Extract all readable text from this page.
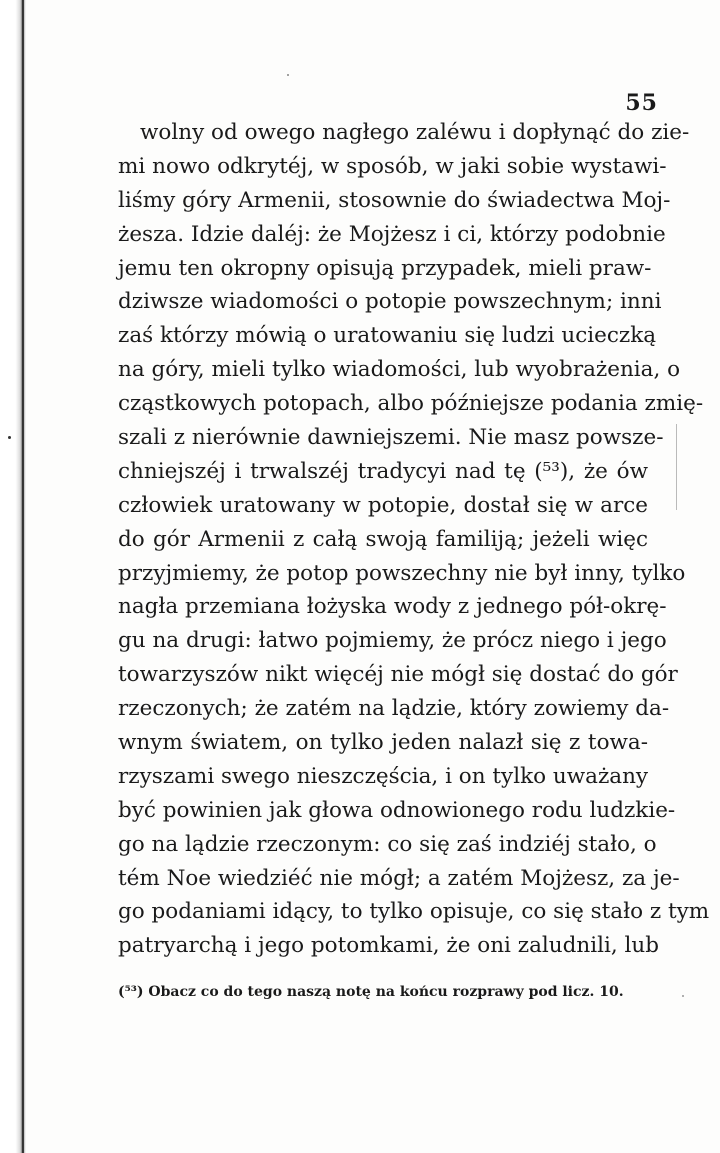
55
wolny od owego nagłego zaléwu i dopłynąć do zie-
mi nowo odkrytéj, w sposób, w jaki sobie wystawi-
liśmy góry Armenii, stosownie do świadectwa Moj-
żesza. Idzie daléj: że Mojżesz i ci, którzy podobnie
jemu ten okropny opisują przypadek, mieli praw-
dziwsze wiadomości o potopie powszechnym; inni
zaś którzy mówią o uratowaniu się ludzi ucieczką
na góry, mieli tylko wiadomości, lub wyobrażenia, o
cząstkowych potopach, albo późniejsze podania zmię-
szali z nierównie dawniejszemi. Nie masz powsze-
chniejszéj i trwalszéj tradycyi nad tę (⁵³), że ów
człowiek uratowany w potopie, dostał się w arce
do gór Armenii z całą swoją familiją; jeżeli więc
przyjmiemy, że potop powszechny nie był inny, tylko
nagła przemiana łożyska wody z jednego pół-okrę-
gu na drugi: łatwo pojmiemy, że prócz niego i jego
towarzyszów nikt więcéj nie mógł się dostać do gór
rzeczonych; że zatém na lądzie, który zowiemy da-
wnym światem, on tylko jeden nalazł się z towa-
rzyszami swego nieszczęścia, i on tylko uważany
być powinien jak głowa odnowionego rodu ludzkie-
go na lądzie rzeczonym: co się zaś indziéj stało, o
tém Noe wiedziéć nie mógł; a zatém Mojżesz, za je-
go podaniami idący, to tylko opisuje, co się stało z tym
patryarchą i jego potomkami, że oni zaludnili, lub
(⁵³) Obacz co do tego naszą notę na końcu rozprawy pod licz. 10.
